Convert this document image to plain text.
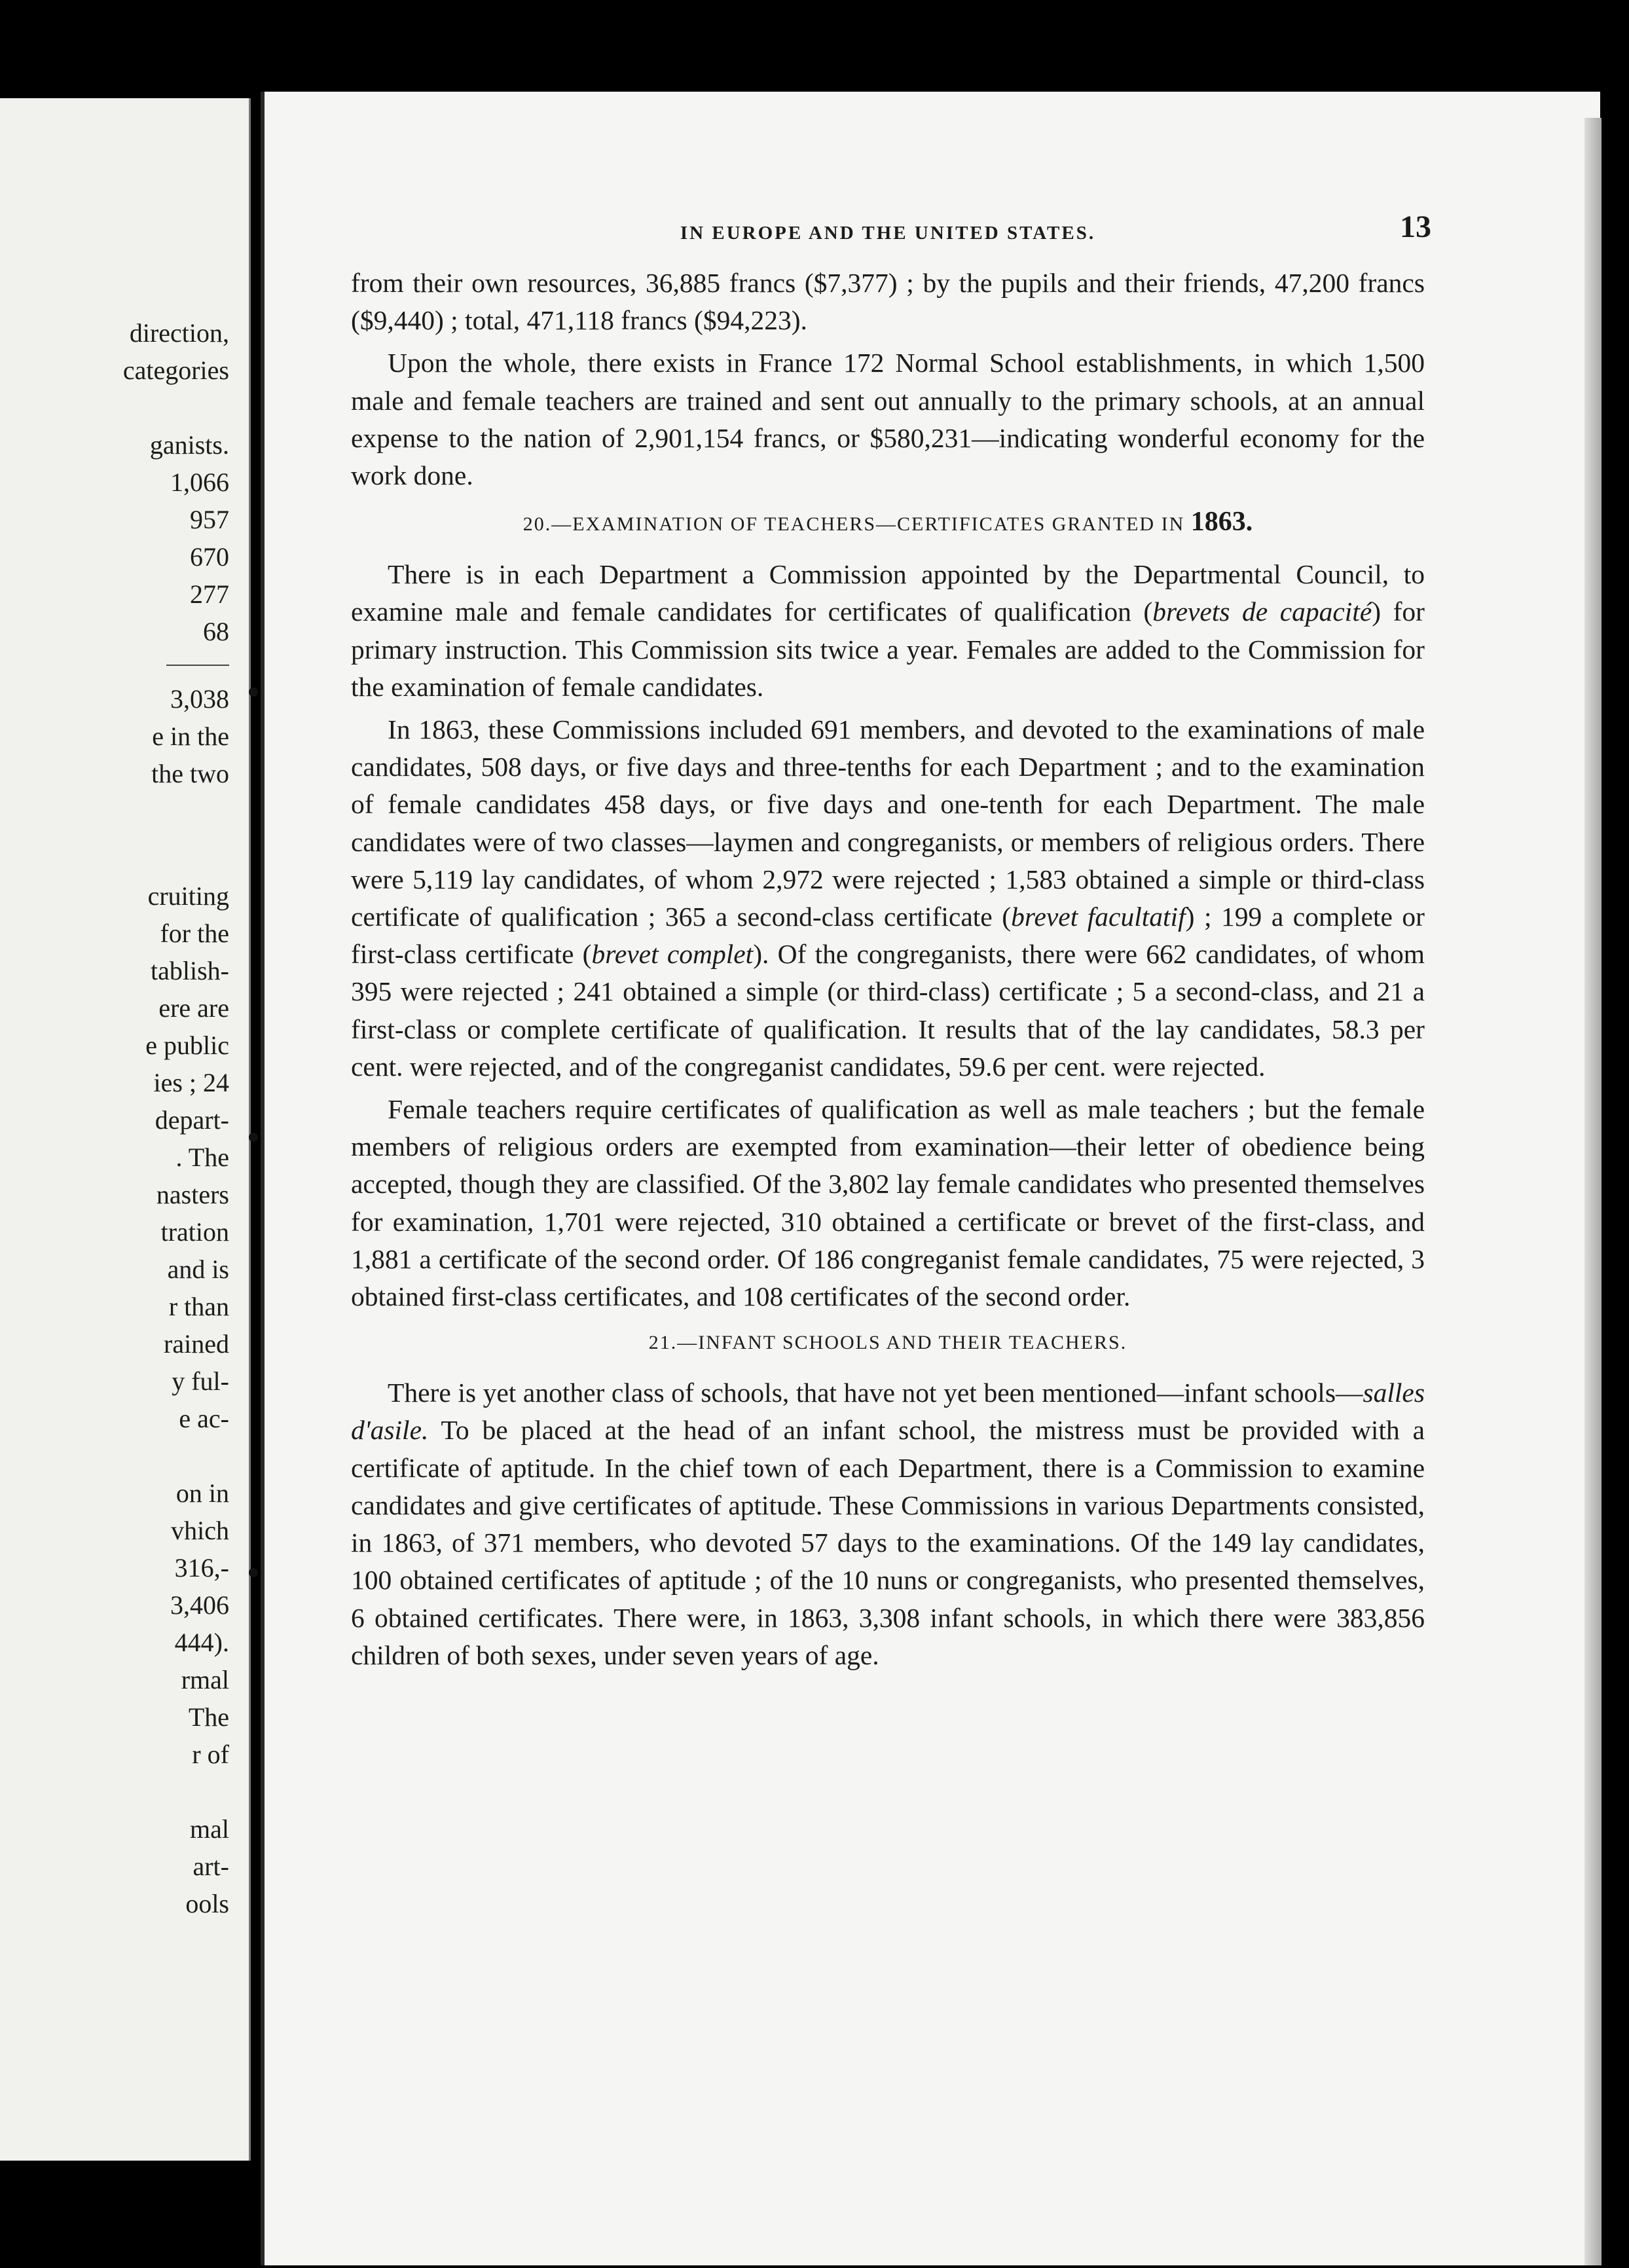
direction,
categories
ganists.
1,066
957
670
277
68
3,038
e in the
the two
cruiting
for the
tablish-
ere are
e public
ies ; 24
depart-
. The
nasters
tration
and is
r than
rained
y ful-
e ac-
on in
vhich
316,-
3,406
444).
rmal
The
r of
mal
art-
ools
IN EUROPE AND THE UNITED STATES.	13

from their own resources, 36,885 francs ($7,377) ; by the pupils and their friends, 47,200 francs ($9,440) ; total, 471,118 francs ($94,223).

Upon the whole, there exists in France 172 Normal School establishments, in which 1,500 male and female teachers are trained and sent out annually to the primary schools, at an annual expense to the nation of 2,901,154 francs, or $580,231—indicating wonderful economy for the work done.

20.—EXAMINATION OF TEACHERS—CERTIFICATES GRANTED IN 1863.

There is in each Department a Commission appointed by the Departmental Council, to examine male and female candidates for certificates of qualification (brevets de capacité) for primary instruction. This Commission sits twice a year. Females are added to the Commission for the examination of female candidates.

In 1863, these Commissions included 691 members, and devoted to the examinations of male candidates, 508 days, or five days and three-tenths for each Department ; and to the examination of female candidates 458 days, or five days and one-tenth for each Department. The male candidates were of two classes—laymen and congreganists, or members of religious orders. There were 5,119 lay candidates, of whom 2,972 were rejected ; 1,583 obtained a simple or third-class certificate of qualification ; 365 a second-class certificate (brevet facultatif) ; 199 a complete or first-class certificate (brevet complet). Of the congreganists, there were 662 candidates, of whom 395 were rejected ; 241 obtained a simple (or third-class) certificate ; 5 a second-class, and 21 a first-class or complete certificate of qualification. It results that of the lay candidates, 58.3 per cent. were rejected, and of the congreganist candidates, 59.6 per cent. were rejected.

Female teachers require certificates of qualification as well as male teachers ; but the female members of religious orders are exempted from examination—their letter of obedience being accepted, though they are classified. Of the 3,802 lay female candidates who presented themselves for examination, 1,701 were rejected, 310 obtained a certificate or brevet of the first-class, and 1,881 a certificate of the second order. Of 186 congreganist female candidates, 75 were rejected, 3 obtained first-class certificates, and 108 certificates of the second order.

21.—INFANT SCHOOLS AND THEIR TEACHERS.

There is yet another class of schools, that have not yet been mentioned—infant schools—salles d'asile. To be placed at the head of an infant school, the mistress must be provided with a certificate of aptitude. In the chief town of each Department, there is a Commission to examine candidates and give certificates of aptitude. These Commissions in various Departments consisted, in 1863, of 371 members, who devoted 57 days to the examinations. Of the 149 lay candidates, 100 obtained certificates of aptitude ; of the 10 nuns or congreganists, who presented themselves, 6 obtained certificates. There were, in 1863, 3,308 infant schools, in which there were 383,856 children of both sexes, under seven years of age.
